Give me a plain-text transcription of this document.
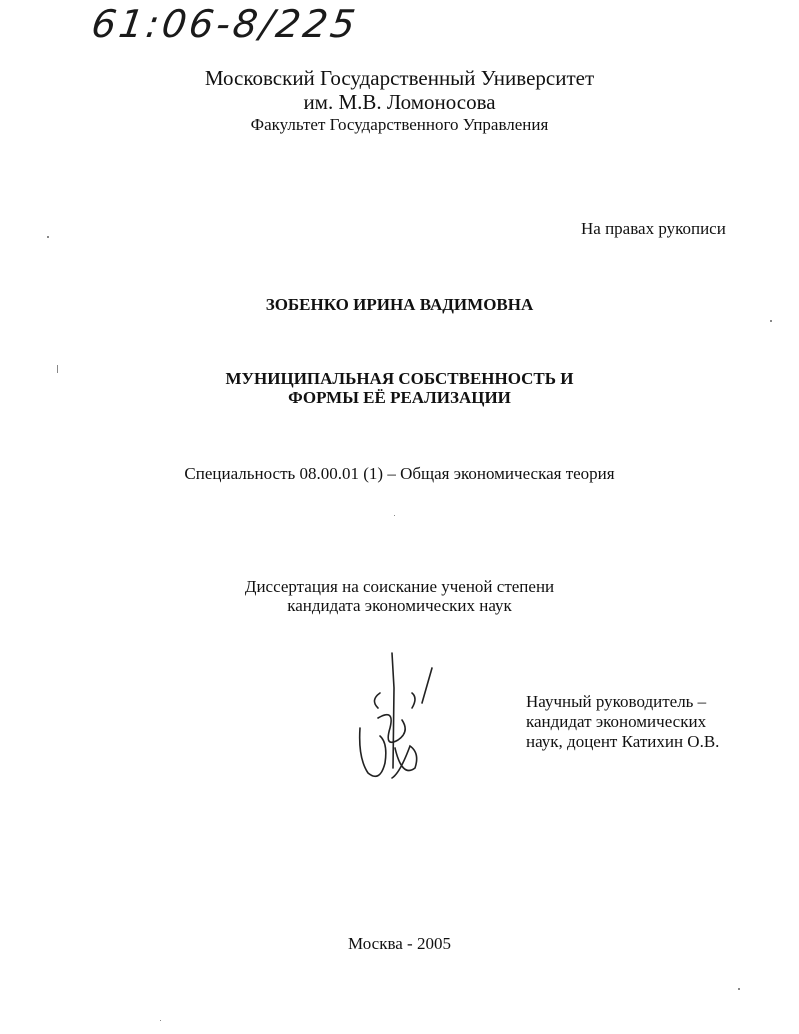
61:06-8/225
Московский Государственный Университет
им. М.В. Ломоносова
Факультет Государственного Управления
На правах рукописи
ЗОБЕНКО ИРИНА ВАДИМОВНА
МУНИЦИПАЛЬНАЯ СОБСТВЕННОСТЬ И
ФОРМЫ ЕЁ РЕАЛИЗАЦИИ
Специальность 08.00.01 (1) – Общая экономическая теория
Диссертация на соискание ученой степени
кандидата экономических наук
Научный руководитель –
кандидат экономических
наук, доцент Катихин О.В.
Москва - 2005
